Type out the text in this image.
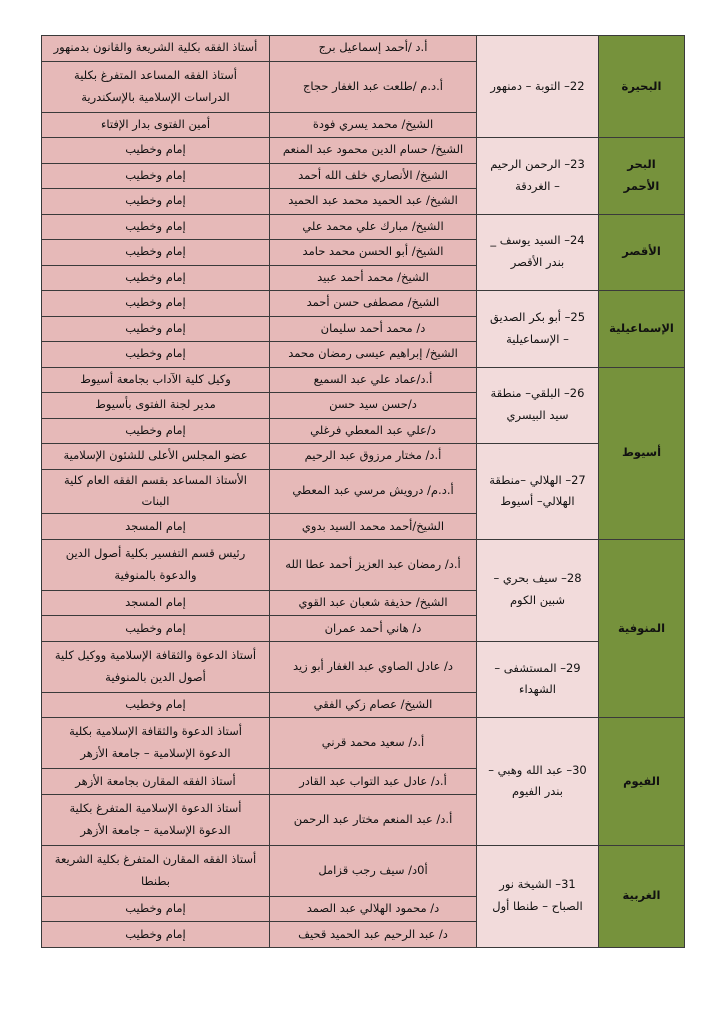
البحيرة	22– التوبة – دمنهور	أ.د /أحمد إسماعيل برج	أستاذ الفقه بكلية الشريعة والقانون بدمنهور
		أ.د.م /طلعت عبد الغفار حجاج	أستاذ الفقه المساعد المتفرغ بكلية الدراسات الإسلامية بالإسكندرية
		الشيخ/ محمد يسري فودة	أمين الفتوى بدار الإفتاء
البحر الأحمر	23– الرحمن الرحيم – الغردقة	الشيخ/ حسام الدين محمود عبد المنعم	إمام وخطيب
		الشيخ/ الأنصاري خلف الله أحمد	إمام وخطيب
		الشيخ/ عبد الحميد محمد عبد الحميد	إمام وخطيب
الأقصر	24– السيد يوسف _ بندر الأقصر	الشيخ/ مبارك علي محمد علي	إمام وخطيب
		الشيخ/ أبو الحسن محمد حامد	إمام وخطيب
		الشيخ/ محمد أحمد عبيد	إمام وخطيب
الإسماعيلية	25– أبو بكر الصديق – الإسماعيلية	الشيخ/ مصطفى حسن أحمد	إمام وخطيب
		د/ محمد أحمد سليمان	إمام وخطيب
		الشيخ/ إبراهيم عيسى رمضان محمد	إمام وخطيب
أسيوط	26– البلقي– منطقة سيد البيسري	أ.د/عماد علي عبد السميع	وكيل كلية الآداب بجامعة أسيوط
		د/حسن سيد حسن	مدير لجنة الفتوى بأسيوط
		د/علي عبد المعطي فرغلي	إمام وخطيب
	27– الهلالي –منطقة الهلالي– أسيوط	أ.د/ مختار مرزوق عبد الرحيم	عضو المجلس الأعلى للشئون الإسلامية
		أ.د.م/ درويش مرسي عبد المعطي	الأستاذ المساعد بقسم الفقه العام كلية البنات
		الشيخ/أحمد محمد السيد بدوي	إمام المسجد
المنوفية	28– سيف بحري – شبين الكوم	أ.د/ رمضان عبد العزيز أحمد عطا الله	رئيس قسم التفسير بكلية أصول الدين والدعوة بالمنوفية
		الشيخ/ حذيفة شعبان عبد القوي	إمام المسجد
		د/ هاني أحمد عمران	إمام وخطيب
	29– المستشفى – الشهداء	د/ عادل الصاوي عبد الغفار أبو زيد	أستاذ الدعوة والثقافة الإسلامية ووكيل كلية أصول الدين بالمنوفية
		الشيخ/ عصام زكي الفقي	إمام وخطيب
الفيوم	30– عبد الله وهبي – بندر الفيوم	أ.د/ سعيد محمد قرني	أستاذ الدعوة والثقافة الإسلامية بكلية الدعوة الإسلامية – جامعة الأزهر
		أ.د/ عادل عبد التواب عبد القادر	أستاذ الفقه المقارن بجامعة الأزهر
		أ.د/ عبد المنعم مختار عبد الرحمن	أستاذ الدعوة الإسلامية المتفرغ بكلية الدعوة الإسلامية – جامعة الأزهر
الغربية	31– الشيخة نور الصباح – طنطا أول	أ0د/ سيف رجب قزامل	أستاذ الفقه المقارن المتفرغ بكلية الشريعة بطنطا
		د/ محمود الهلالي عبد الصمد	إمام وخطيب
		د/ عبد الرحيم عبد الحميد قحيف	إمام وخطيب
